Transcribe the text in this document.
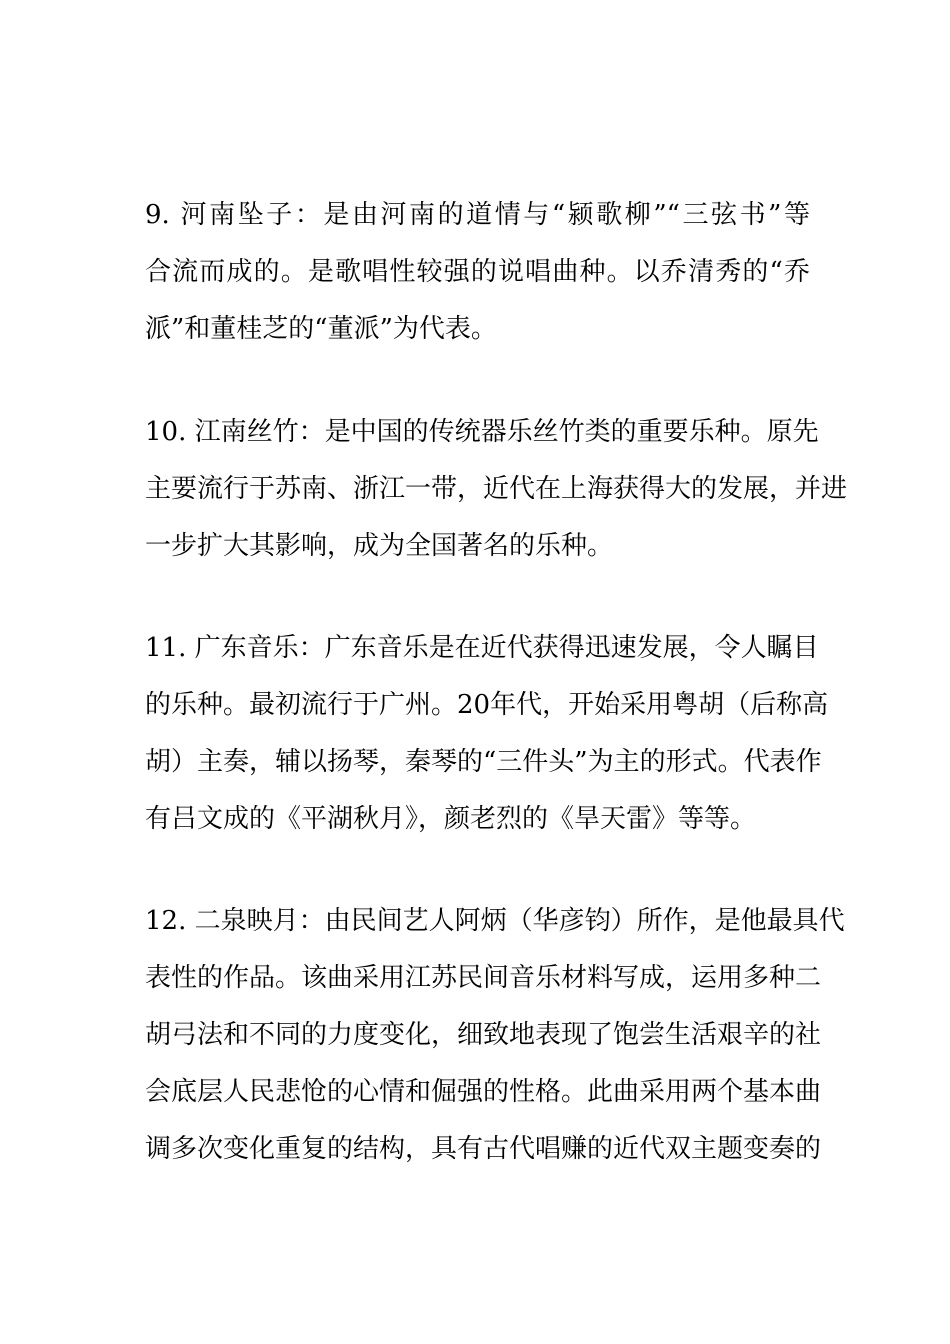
9. 河南坠子：是由河南的道情与“颍歌柳”“三弦书”等
合流而成的。是歌唱性较强的说唱曲种。以乔清秀的“乔
派”和董桂芝的“董派”为代表。
10. 江南丝竹：是中国的传统器乐丝竹类的重要乐种。原先
主要流行于苏南、浙江一带，近代在上海获得大的发展，并进
一步扩大其影响，成为全国著名的乐种。
11. 广东音乐：广东音乐是在近代获得迅速发展，令人瞩目
的乐种。最初流行于广州。20年代，开始采用粤胡（后称高
胡）主奏，辅以扬琴，秦琴的“三件头”为主的形式。代表作
有吕文成的《平湖秋月》，颜老烈的《旱天雷》等等。
12. 二泉映月：由民间艺人阿炳（华彦钧）所作，是他最具代
表性的作品。该曲采用江苏民间音乐材料写成，运用多种二
胡弓法和不同的力度变化，细致地表现了饱尝生活艰辛的社
会底层人民悲怆的心情和倔强的性格。此曲采用两个基本曲
调多次变化重复的结构，具有古代唱赚的近代双主题变奏的
